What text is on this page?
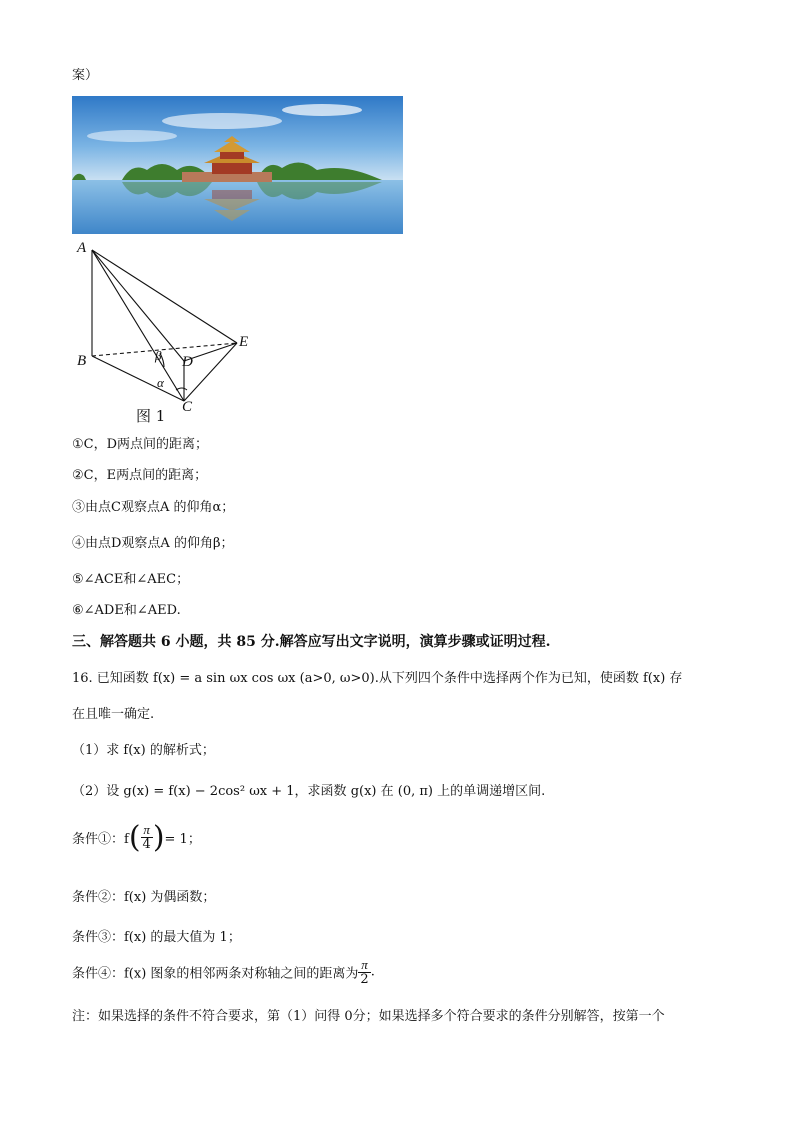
案）
A
B
C
D
E
α
β
图 1
①C，D两点间的距离；
②C，E两点间的距离；
③由点C观察点A 的仰角α；
④由点D观察点A 的仰角β；
⑤∠ACE和∠AEC；
⑥∠ADE和∠AED.
三、解答题共 6 小题，共 85 分.解答应写出文字说明，演算步骤或证明过程.
16. 已知函数 f(x) = a sin ωx cos ωx (a>0, ω>0).从下列四个条件中选择两个作为已知，使函数 f(x) 存
在且唯一确定.
（1）求 f(x) 的解析式；
（2）设 g(x) = f(x) − 2cos² ωx + 1，求函数 g(x) 在 (0, π) 上的单调递增区间.
条件①：$f( \frac{\pi}{4}$ )= 1；
条件②：f(x) 为偶函数；
条件③：f(x) 的最大值为 1；
条件④：f(x) 图象的相邻两条对称轴之间的距离为 $\frac{\pi}{2}$ .
注：如果选择的条件不符合要求，第（1）问得 0分；如果选择多个符合要求的条件分别解答，按第一个
